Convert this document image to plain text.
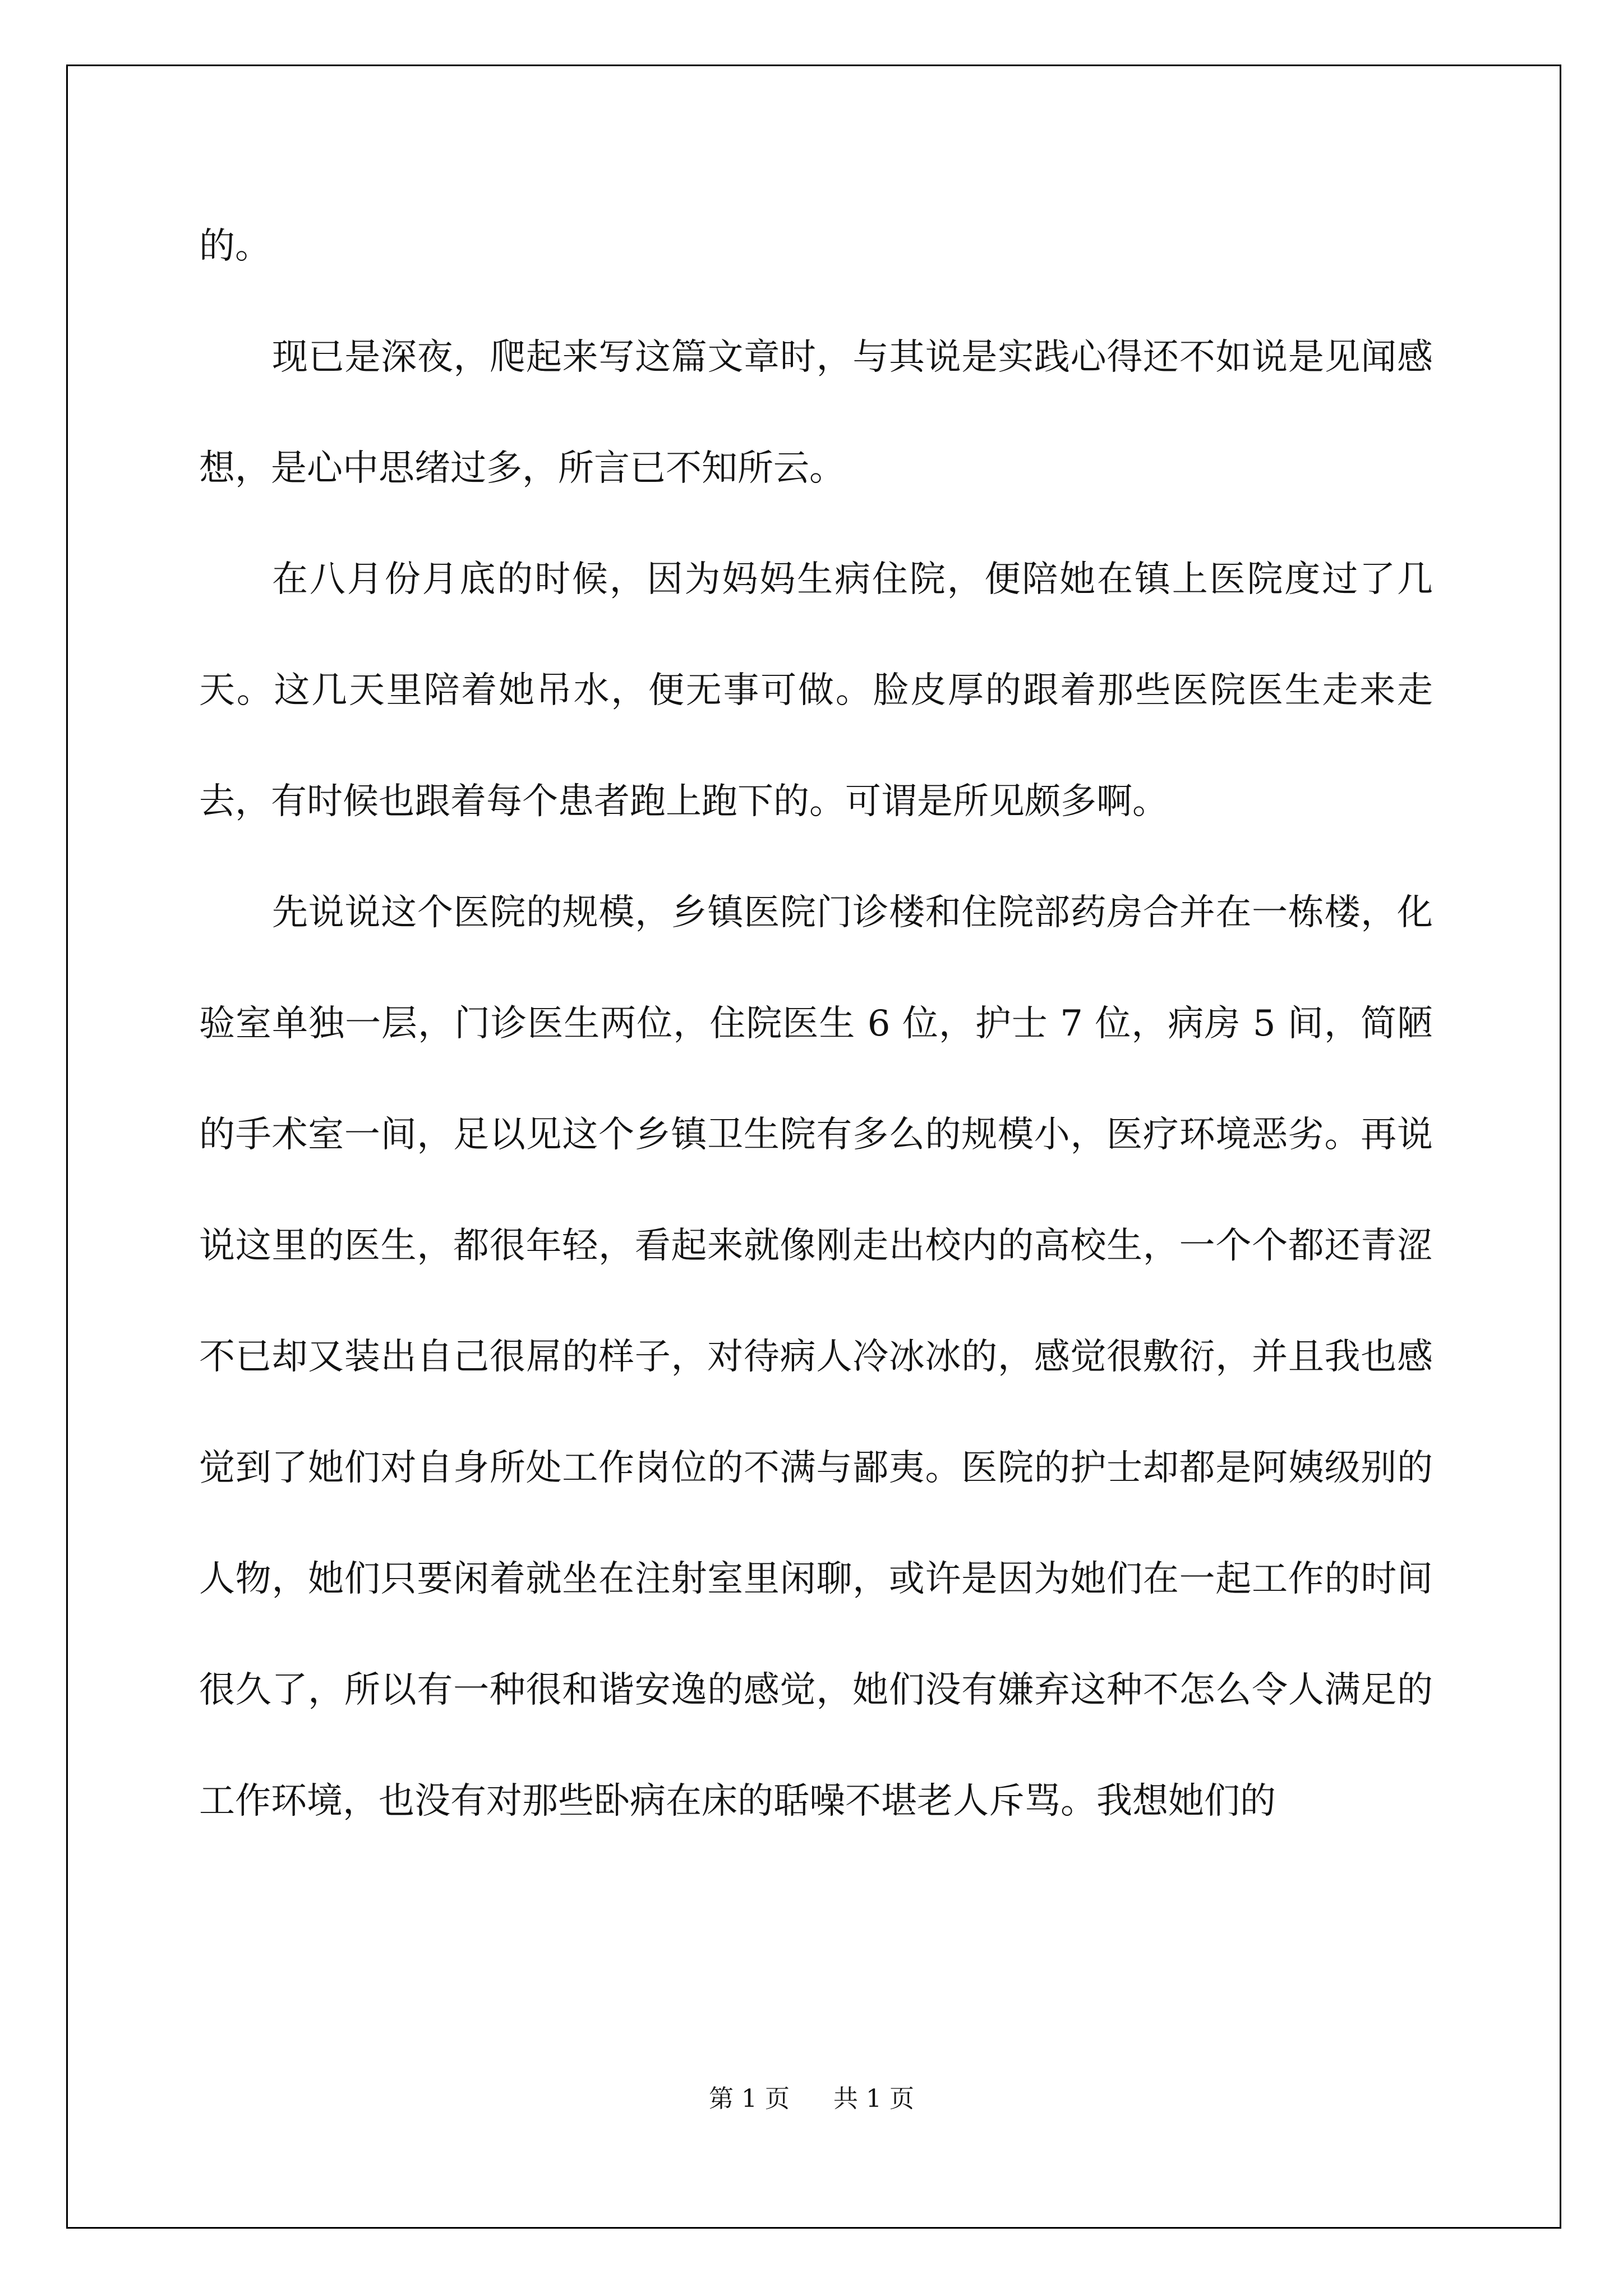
的。

现已是深夜，爬起来写这篇文章时，与其说是实践心得还不如说是见闻感想，是心中思绪过多，所言已不知所云。

在八月份月底的时候，因为妈妈生病住院，便陪她在镇上医院度过了几天。这几天里陪着她吊水，便无事可做。脸皮厚的跟着那些医院医生走来走去，有时候也跟着每个患者跑上跑下的。可谓是所见颇多啊。

先说说这个医院的规模，乡镇医院门诊楼和住院部药房合并在一栋楼，化验室单独一层，门诊医生两位，住院医生 6 位，护士 7 位，病房 5 间，简陋的手术室一间，足以见这个乡镇卫生院有多么的规模小，医疗环境恶劣。再说说这里的医生，都很年轻，看起来就像刚走出校内的高校生，一个个都还青涩不已却又装出自己很屌的样子，对待病人冷冰冰的，感觉很敷衍，并且我也感觉到了她们对自身所处工作岗位的不满与鄙夷。医院的护士却都是阿姨级别的人物，她们只要闲着就坐在注射室里闲聊，或许是因为她们在一起工作的时间很久了，所以有一种很和谐安逸的感觉，她们没有嫌弃这种不怎么令人满足的工作环境，也没有对那些卧病在床的聒噪不堪老人斥骂。我想她们的

第 1 页 共 1 页
